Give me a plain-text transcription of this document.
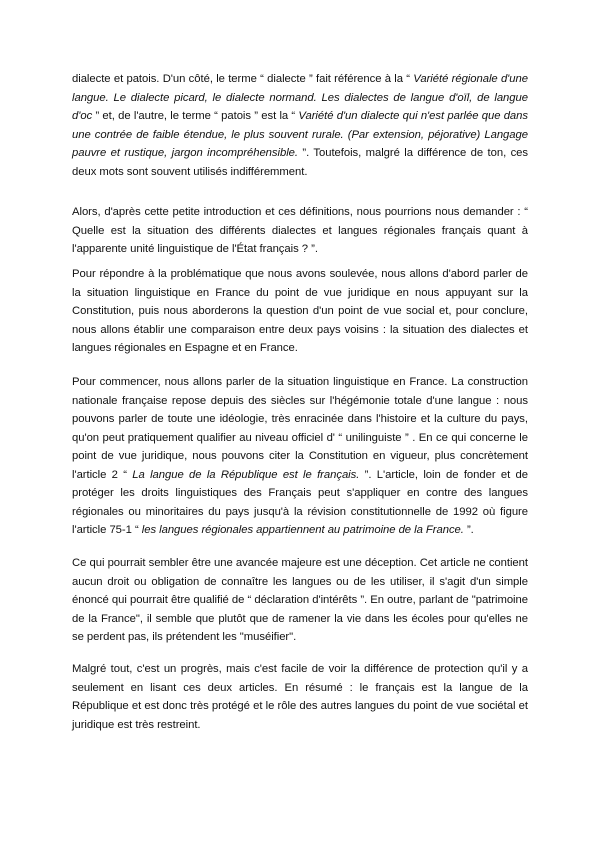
dialecte et patois. D'un côté, le terme “ dialecte ” fait référence à la “ Variété régionale d'une langue. Le dialecte picard, le dialecte normand. Les dialectes de langue d'oïl, de langue d'oc ” et, de l'autre, le terme “ patois ” est la “ Variété d'un dialecte qui n'est parlée que dans une contrée de faible étendue, le plus souvent rurale. (Par extension, péjorative) Langage pauvre et rustique, jargon incompréhensible. ”. Toutefois, malgré la différence de ton, ces deux mots sont souvent utilisés indifféremment.
Alors, d'après cette petite introduction et ces définitions, nous pourrions nous demander : “ Quelle est la situation des différents dialectes et langues régionales français quant à l'apparente unité linguistique de l'État français ? ”.
Pour répondre à la problématique que nous avons soulevée, nous allons d'abord parler de la situation linguistique en France du point de vue juridique en nous appuyant sur la Constitution, puis nous aborderons la question d'un point de vue social et, pour conclure, nous allons établir une comparaison entre deux pays voisins : la situation des dialectes et langues régionales en Espagne et en France.
Pour commencer, nous allons parler de la situation linguistique en France. La construction nationale française repose depuis des siècles sur l'hégémonie totale d'une langue : nous pouvons parler de toute une idéologie, très enracinée dans l'histoire et la culture du pays, qu'on peut pratiquement qualifier au niveau officiel d' “ unilinguiste ” . En ce qui concerne le point de vue juridique, nous pouvons citer la Constitution en vigueur, plus concrètement l'article 2 “ La langue de la République est le français. ”. L'article, loin de fonder et de protéger les droits linguistiques des Français peut s'appliquer en contre des langues régionales ou minoritaires du pays jusqu'à la révision constitutionnelle de 1992 où figure l'article 75-1 “ les langues régionales appartiennent au patrimoine de la France. ”.
Ce qui pourrait sembler être une avancée majeure est une déception. Cet article ne contient aucun droit ou obligation de connaître les langues ou de les utiliser, il s'agit d'un simple énoncé qui pourrait être qualifié de “ déclaration d'intérêts ”. En outre, parlant de "patrimoine de la France", il semble que plutôt que de ramener la vie dans les écoles pour qu'elles ne se perdent pas, ils prétendent les "muséifier".
Malgré tout, c'est un progrès, mais c'est facile de voir la différence de protection qu'il y a seulement en lisant ces deux articles. En résumé : le français est la langue de la République et est donc très protégé et le rôle des autres langues du point de vue sociétal et juridique est très restreint.
